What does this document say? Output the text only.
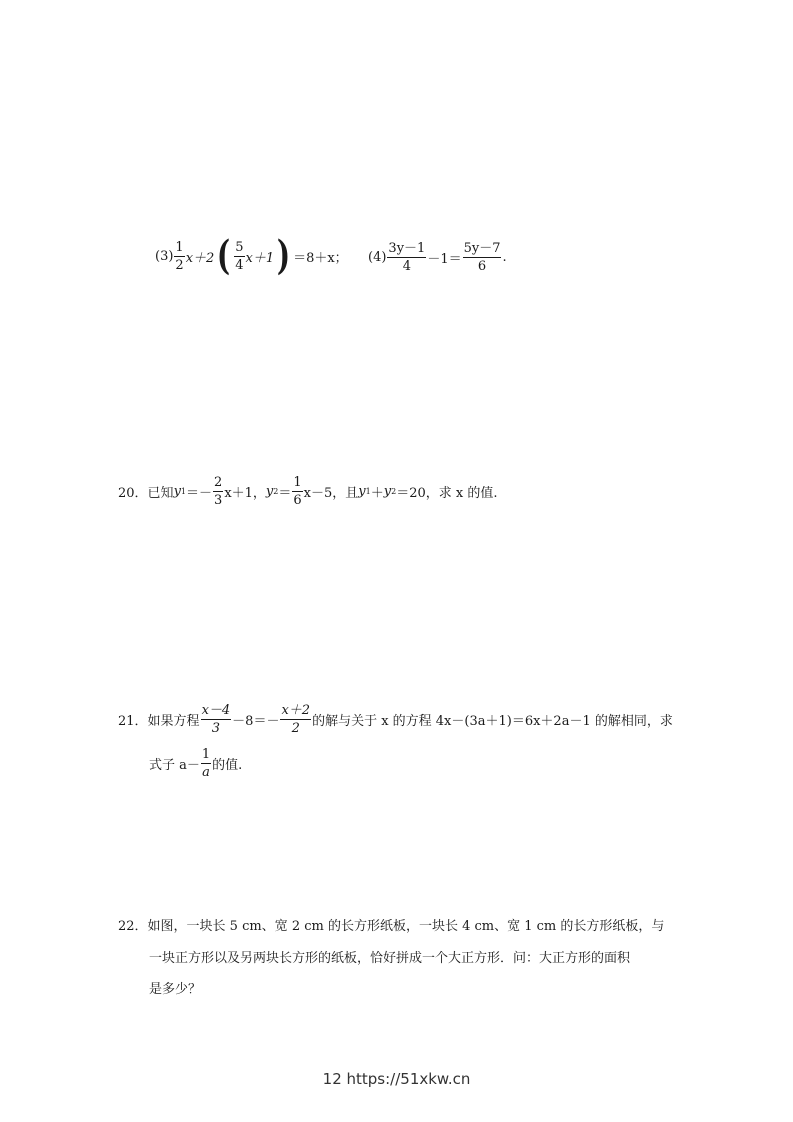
$(3) \frac{1}{2} x+2$ ( $\frac{5}{4} x+1$ ) ＝8＋x； $(4) \frac{3y-1}{4} -1= \frac{5y-7}{6}$ .
20． 已知 y $1 =- \frac{2}{3} x+1$， y $2 = \frac{1}{6} x-5$，且 y 1 ＋ y 2 ＝20，求 x 的值.
21． 如果方程 $\frac{x-4}{3} -8=- \frac{x+2}{2}$ 的解与关于 x 的方程 4x－(3a＋1)＝6x＋2a－1 的解相同，求
式子 $a- \frac{1}{a}$ 的值.
22．如图，一块长 5 cm、宽 2 cm 的长方形纸板，一块长 4 cm、宽 1 cm 的长方形纸板，与
一块正方形以及另两块长方形的纸板，恰好拼成一个大正方形．问：大正方形的面积
是多少？
12 https://51xkw.cn
